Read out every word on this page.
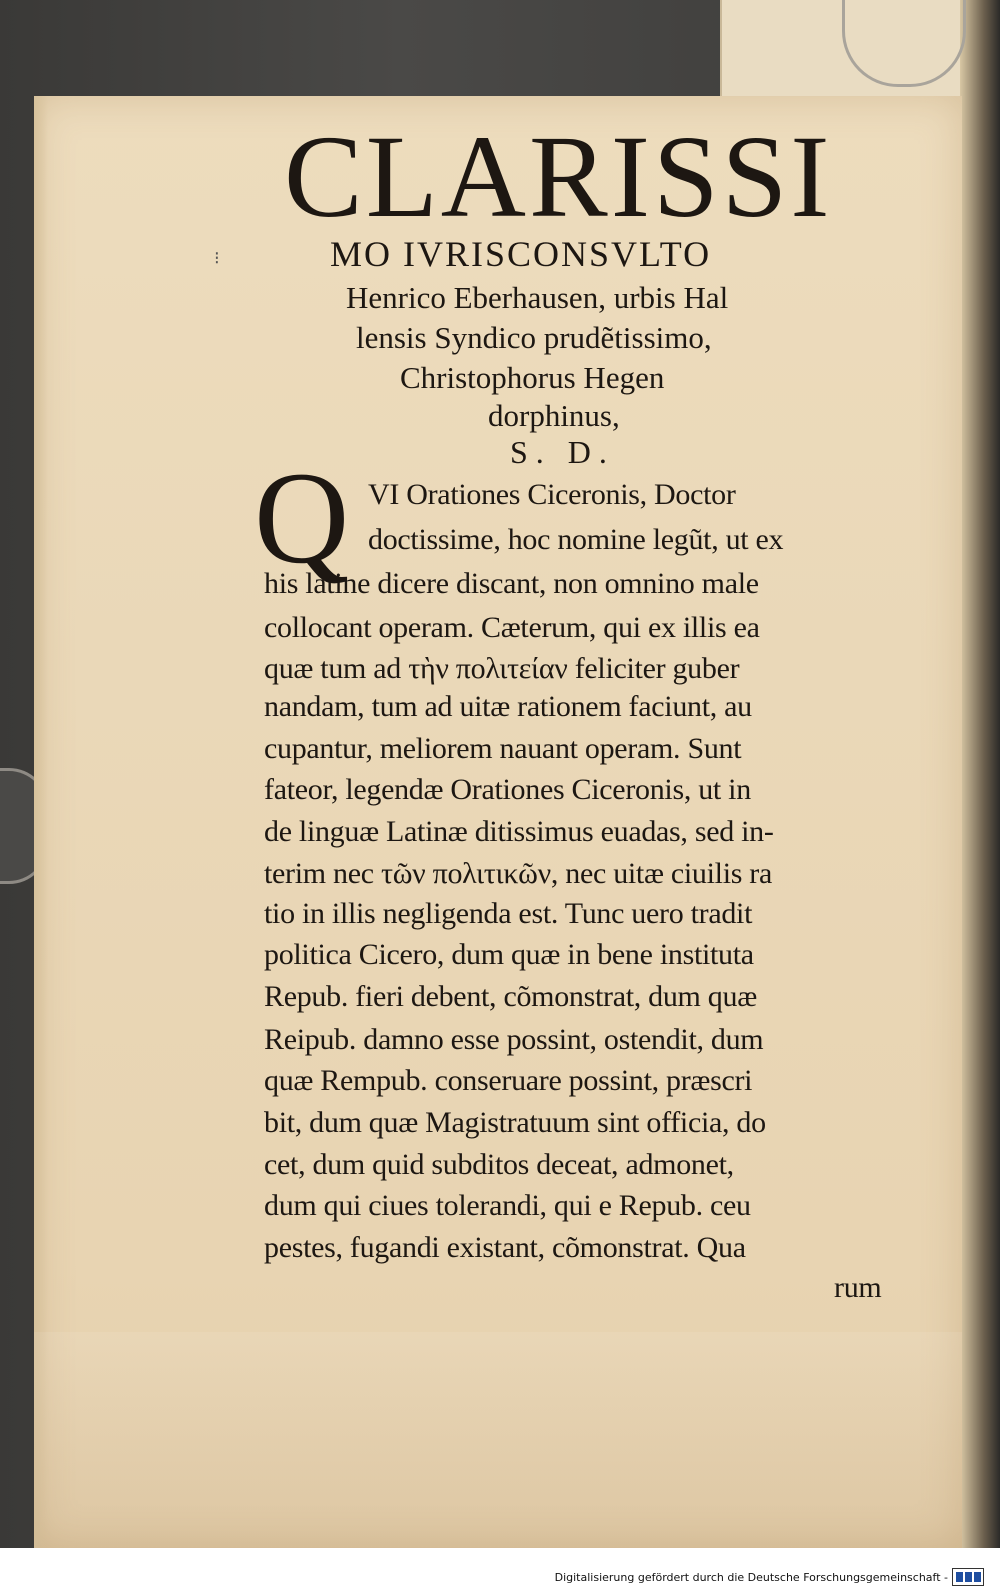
⁝
CLARISSI
MO IVRISCONSVLTO
Henrico Eberhausen, urbis Hal
lensis Syndico prudẽtissimo,
Christophorus Hegen
dorphinus,
S. D.
Q VI Orationes Ciceronis, Doctor
doctissime, hoc nomine legũt, ut ex
his latine dicere discant, non omnino male
collocant operam. Cæterum, qui ex illis ea
quæ tum ad τὴν πολιτείαν feliciter guber
nandam, tum ad uitæ rationem faciunt, au
cupantur, meliorem nauant operam. Sunt
fateor, legendæ Orationes Ciceronis, ut in
de linguæ Latinæ ditissimus euadas, sed in-
terim nec τῶν πολιτικῶν, nec uitæ ciuilis ra
tio in illis negligenda est. Tunc uero tradit
politica Cicero, dum quæ in bene instituta
Repub. fieri debent, cõmonstrat, dum quæ
Reipub. damno esse possint, ostendit, dum
quæ Rempub. conseruare possint, præscri
bit, dum quæ Magistratuum sint officia, do
cet, dum quid subditos deceat, admonet,
dum qui ciues tolerandi, qui e Repub. ceu
pestes, fugandi existant, cõmonstrat. Qua
rum
Digitalisierung gefördert durch die Deutsche Forschungsgemeinschaft -
